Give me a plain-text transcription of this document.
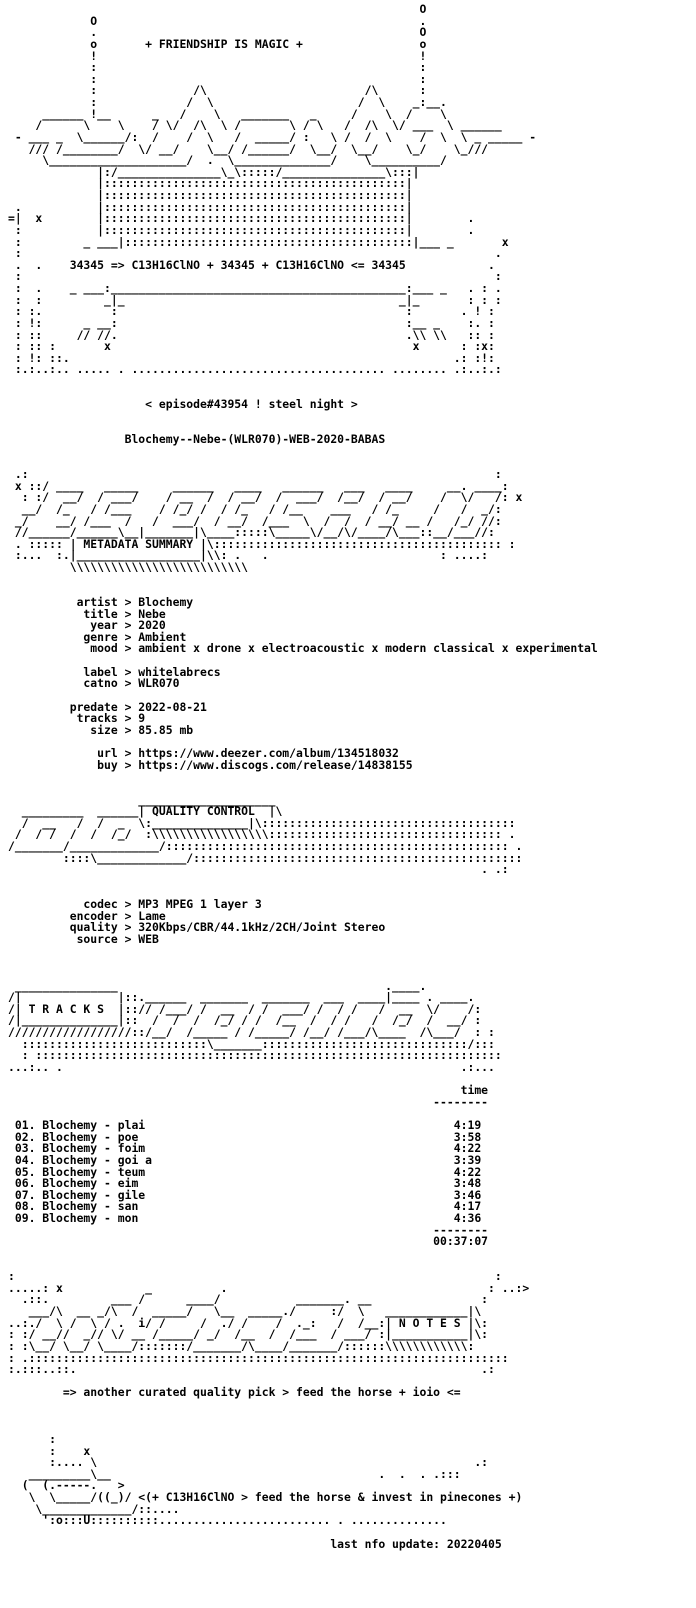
O
O                                               .
.                                               O
o       + FRIENDSHIP IS MAGIC +                 o
!                                               !
:                                               :
:                                               :
:              /\                       /\      :
:             /  \                     /  \    _:__.
______ !__      _   /    \   _______   _     /    \  /    \
/      \    \    / \/  /\  \ /       \ / \   /  /\  \/ ___  \ ______
- ___ _  \______/:  /    /  \   /  _____/ :   \ /  /  \    /  \  \ _ _____ -
/// /________/  \/ __/    \__/ /______/  \__/  \__/    \_/    \_///
\____________________/  .  \______________/    \__________/
|:/_______________\_\:::::/_______________\:::|
|::::::::::::::::::::::::::::::::::::::::::::|
|::::::::::::::::::::::::::::::::::::::::::::|
.           |::::::::::::::::::::::::::::::::::::::::::::|
=|  x        |::::::::::::::::::::::::::::::::::::::::::::|        .
:           |::::::::::::::::::::::::::::::::::::::::::::|        .
:         _ ___|::::::::::::::::::::::::::::::::::::::::::|___ _       x
:                                                                     .
.  .    34345 => C13H16ClNO + 34345 + C13H16ClNO <= 34345            .
:                                                                     :
:  .    _ ___:___________________________________________:___ _   . : .
:  :         _|_                                        _|_       : : :
: :.          :                                          :       . ! :
: !:      _ __:                                          :__ _    :. :
: ::     // //.                                          .\\ \\   :: :
: :: :       x                                            x      : :x:
: !: ::.                                                        .: :!:
:.:..:.. ..... . ..................................... ........ .:..:.:

< episode#43954 ! steel night >

Blochemy--Nebe-(WLR070)-WEB-2020-BABAS

.:                                                                    :
x ::/ ____   _____     ______   ____   ______   ___   ____     __. ____:
: :/  __/  / ___/    / __  /  / __/  /  ___/  /__/  / __/    /  \/   /: x
__/  /_   / /___    / /_/ /  / /_   / /__    ___   / /_     /   /  _/:
_/    __/ /___  /   /  ___/  / __/  /___  \  /  /  / __/ __ /   /_/ //:
//______/______\__|_______|\____:::::\_____\/__/\/____/\___::__/___//:
. ::::: | METADATA SUMMARY |\:::::::::::::::::::::::::::::::::::::::::: :
:...  :.|__________________|\\: .   .                         : ....:
\\\\\\\\\\\\\\\\\\\\\\\\\\

artist > Blochemy
title > Nebe
year > 2020
genre > Ambient
mood > ambient x drone x electroacoustic x modern classical x experimental

label > whitelabrecs
catno > WLR070

predate > 2022-08-21
tracks > 9
size > 85.85 mb

url > https://www.deezer.com/album/134518032
buy > https://www.discogs.com/release/14838155

____________________
_________  ______| QUALITY CONTROL  |\
/  __   /  /  _  \:______________|\:::::::::::::::::::::::::::::::::::::
/  / /  /  /  /_/  :\\\\\\\\\\\\\\\\\:::::::::::::::::::::::::::::::::: .
/_______/_____________/:::::::::::::::::::::::::::::::::::::::::::::::::: .
::::\_____________/::::::::::::::::::::::::::::::::::::::::::::::::
. .:

codec > MP3 MPEG 1 layer 3
encoder > Lame
quality > 320Kbps/CBR/44.1kHz/2CH/Joint Stereo
source > WEB

_______________                                       .____.
/|              |::.______  _______  _______  ___  ____|____ . ____.
/| T R A C K S  |::// /___/ /  __  / /  ___/ /  / /   /  __  \/    /:
/|______________|::  /  /  /  /_/ / /  /__  /  / /   /  /_/  /  __/ :
//////////////////::/__/  /_____ / /_____/ /__/ /___/\____  /\___/  : :
:::::::::::::::::::::::::::\_______::::::::::::::::::::::::::::::/:::
: ::::::::::::::::::::::::::::::::::::::::::::::::::::::::::::::::::::
...:.. .                                                          .:...

time
--------

01. Blochemy - plai                                             4:19
02. Blochemy - poe                                              3:58
03. Blochemy - foim                                             4:22
04. Blochemy - goi a                                            3:39
05. Blochemy - teum                                             4:22
06. Blochemy - eim                                              3:48
07. Blochemy - gile                                             3:46
08. Blochemy - san                                              4:17
09. Blochemy - mon                                              4:36
--------
00:37:07

:                                                                      :
.....: x            _          .                                      : ..:>
.::.         ___ /      ____/           _______. __                :
___/\  __ _/\  /  _____/   \__  _____./     :/  \   ____________|\
..:./  \ /  \ / .  i/ /     /  ./ /    /  ._:   /  /__:| N O T E S |\:
: :/ __//  _// \/ __ /_____/ _/  /__  /  /___  / ___/ :|___________|\:
: :\__/ \__/ \____/:::::::/_______/\____/_______/::::::\\\\\\\\\\\\:
: .::::::::::::::::::::::::::::::::::::::::::::::::::::::::::::::::::::::
:.:::..::.                                                           .:

=> another curated quality pick > feed the horse + ioio <=

:
:    x
:.... \                                                       .:
_________\__                                       .  .  . .:::
(  (.-----.   >
\  \_____/((_)/ <(+ C13H16ClNO > feed the horse & invest in pinecones +)
\_____________/::....
':o:::U::::::::::......................... . ..............

last nfo update: 20220405
